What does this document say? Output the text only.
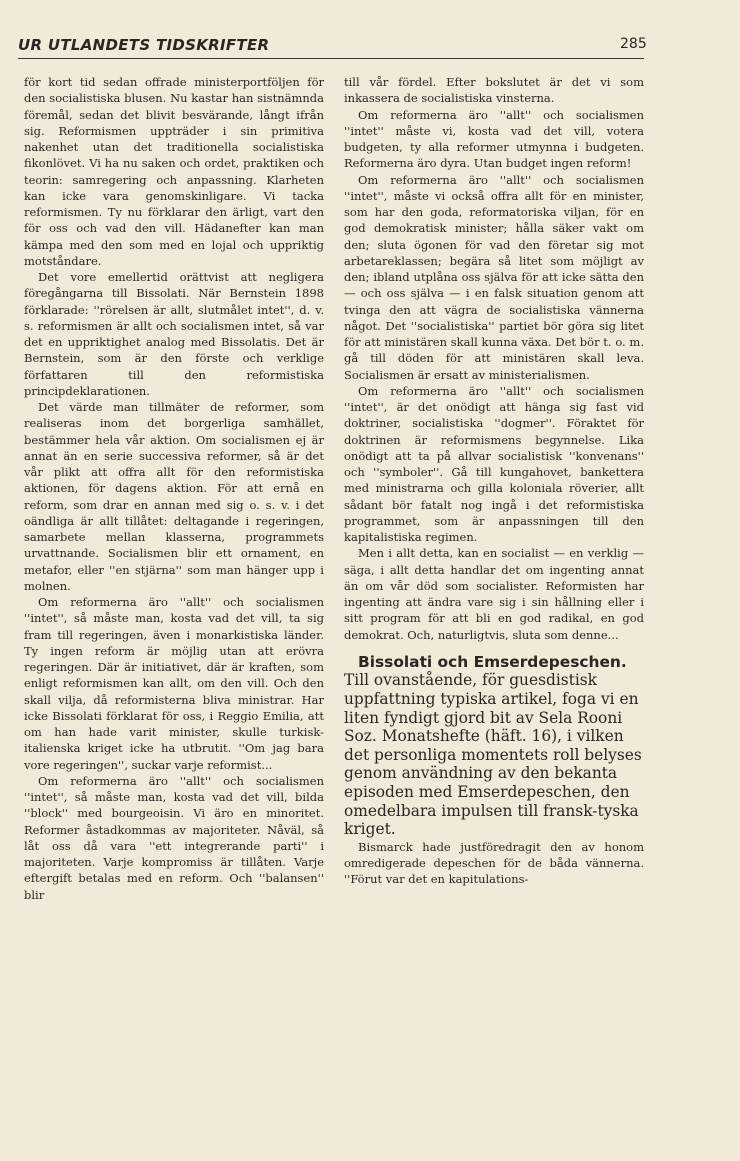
UR UTLANDETS TIDSKRIFTER	285

för kort tid sedan offrade ministerportföljen för den socialistiska blusen. Nu kastar han sistnämnda föremål, sedan det blivit besvärande, långt ifrån sig. Reformismen uppträder i sin primitiva nakenhet utan det traditionella socialistiska fikonlövet. Vi ha nu saken och ordet, praktiken och teorin: samregering och anpassning. Klarheten kan icke vara genomskinligare. Vi tacka reformismen. Ty nu förklarar den ärligt, vart den för oss och vad den vill. Hädanefter kan man kämpa med den som med en lojal och uppriktig motståndare.

Det vore emellertid orättvist att negligera föregångarna till Bissolati. När Bernstein 1898 förklarade: ''rörelsen är allt, slutmålet intet'', d. v. s. reformismen är allt och socialismen intet, så var det en uppriktighet analog med Bissolatis. Det är Bernstein, som är den förste och verklige författaren till den reformistiska principdeklarationen.

Det värde man tillmäter de reformer, som realiseras inom det borgerliga samhället, bestämmer hela vår aktion. Om socialismen ej är annat än en serie successiva reformer, så är det vår plikt att offra allt för den reformistiska aktionen, för dagens aktion. För att ernå en reform, som drar en annan med sig o. s. v. i det oändliga är allt tillåtet: deltagande i regeringen, samarbete mellan klasserna, programmets urvattnande. Socialismen blir ett ornament, en metafor, eller ''en stjärna'' som man hänger upp i molnen.

Om reformerna äro ''allt'' och socialismen ''intet'', så måste man, kosta vad det vill, ta sig fram till regeringen, även i monarkistiska länder. Ty ingen reform är möjlig utan att erövra regeringen. Där är initiativet, där är kraften, som enligt reformismen kan allt, om den vill. Och den skall vilja, då reformisterna bliva ministrar. Har icke Bissolati förklarat för oss, i Reggio Emilia, att om han hade varit minister, skulle turkisk-italienska kriget icke ha utbrutit. ''Om jag bara vore regeringen'', suckar varje reformist...

Om reformerna äro ''allt'' och socialismen ''intet'', så måste man, kosta vad det vill, bilda ''block'' med bourgeoisin. Vi äro en minoritet. Reformer åstadkommas av majoriteter. Nåväl, så låt oss då vara ''ett integrerande parti'' i majoriteten. Varje kompromiss är tillåten. Varje eftergift betalas med en reform. Och ''balansen'' blir

till vår fördel. Efter bokslutet är det vi som inkassera de socialistiska vinsterna.

Om reformerna äro ''allt'' och socialismen ''intet'' måste vi, kosta vad det vill, votera budgeten, ty alla reformer utmynna i budgeten. Reformerna äro dyra. Utan budget ingen reform!

Om reformerna äro ''allt'' och socialismen ''intet'', måste vi också offra allt för en minister, som har den goda, reformatoriska viljan, för en god demokratisk minister; hålla säker vakt om den; sluta ögonen för vad den företar sig mot arbetareklassen; begära så litet som möjligt av den; ibland utplåna oss själva för att icke sätta den — och oss själva — i en falsk situation genom att tvinga den att vägra de socialistiska vännerna något. Det ''socialistiska'' partiet bör göra sig litet för att ministären skall kunna växa. Det bör t. o. m. gå till döden för att ministären skall leva. Socialismen är ersatt av ministerialismen.

Om reformerna äro ''allt'' och socialismen ''intet'', är det onödigt att hänga sig fast vid doktriner, socialistiska ''dogmer''. Föraktet för doktrinen är reformismens begynnelse. Lika onödigt att ta på allvar socialistisk ''konvenans'' och ''symboler''. Gå till kungahovet, bankettera med ministrarna och gilla koloniala röverier, allt sådant bör fatalt nog ingå i det reformistiska programmet, som är anpassningen till den kapitalistiska regimen.

Men i allt detta, kan en socialist — en verklig — säga, i allt detta handlar det om ingenting annat än om vår död som socialister. Reformisten har ingenting att ändra vare sig i sin hållning eller i sitt program för att bli en god radikal, en god demokrat. Och, naturligtvis, sluta som denne...

Bissolati och Emserdepeschen. Till ovanstående, för guesdistisk uppfattning typiska artikel, foga vi en liten fyndigt gjord bit av Sela Rooni Soz. Monatshefte (häft. 16), i vilken det personliga momentets roll belyses genom användning av den bekanta episoden med Emserdepeschen, den omedelbara impulsen till fransk-tyska kriget.

Bismarck hade justföredragit den av honom omredigerade depeschen för de båda vännerna. ''Förut var det en kapitulations-
